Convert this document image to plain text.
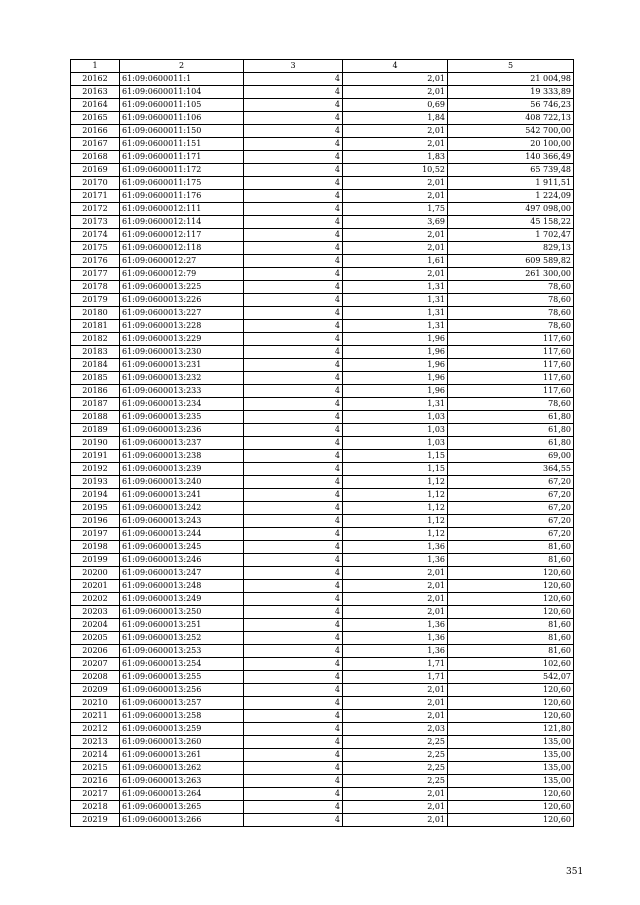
1	2	3	4	5
20162	61:09:0600011:1	4	2,01	21 004,98
20163	61:09:0600011:104	4	2,01	19 333,89
20164	61:09:0600011:105	4	0,69	56 746,23
20165	61:09:0600011:106	4	1,84	408 722,13
20166	61:09:0600011:150	4	2,01	542 700,00
20167	61:09:0600011:151	4	2,01	20 100,00
20168	61:09:0600011:171	4	1,83	140 366,49
20169	61:09:0600011:172	4	10,52	65 739,48
20170	61:09:0600011:175	4	2,01	1 911,51
20171	61:09:0600011:176	4	2,01	1 224,09
20172	61:09:0600012:111	4	1,75	497 098,00
20173	61:09:0600012:114	4	3,69	45 158,22
20174	61:09:0600012:117	4	2,01	1 702,47
20175	61:09:0600012:118	4	2,01	829,13
20176	61:09:0600012:27	4	1,61	609 589,82
20177	61:09:0600012:79	4	2,01	261 300,00
20178	61:09:0600013:225	4	1,31	78,60
20179	61:09:0600013:226	4	1,31	78,60
20180	61:09:0600013:227	4	1,31	78,60
20181	61:09:0600013:228	4	1,31	78,60
20182	61:09:0600013:229	4	1,96	117,60
20183	61:09:0600013:230	4	1,96	117,60
20184	61:09:0600013:231	4	1,96	117,60
20185	61:09:0600013:232	4	1,96	117,60
20186	61:09:0600013:233	4	1,96	117,60
20187	61:09:0600013:234	4	1,31	78,60
20188	61:09:0600013:235	4	1,03	61,80
20189	61:09:0600013:236	4	1,03	61,80
20190	61:09:0600013:237	4	1,03	61,80
20191	61:09:0600013:238	4	1,15	69,00
20192	61:09:0600013:239	4	1,15	364,55
20193	61:09:0600013:240	4	1,12	67,20
20194	61:09:0600013:241	4	1,12	67,20
20195	61:09:0600013:242	4	1,12	67,20
20196	61:09:0600013:243	4	1,12	67,20
20197	61:09:0600013:244	4	1,12	67,20
20198	61:09:0600013:245	4	1,36	81,60
20199	61:09:0600013:246	4	1,36	81,60
20200	61:09:0600013:247	4	2,01	120,60
20201	61:09:0600013:248	4	2,01	120,60
20202	61:09:0600013:249	4	2,01	120,60
20203	61:09:0600013:250	4	2,01	120,60
20204	61:09:0600013:251	4	1,36	81,60
20205	61:09:0600013:252	4	1,36	81,60
20206	61:09:0600013:253	4	1,36	81,60
20207	61:09:0600013:254	4	1,71	102,60
20208	61:09:0600013:255	4	1,71	542,07
20209	61:09:0600013:256	4	2,01	120,60
20210	61:09:0600013:257	4	2,01	120,60
20211	61:09:0600013:258	4	2,01	120,60
20212	61:09:0600013:259	4	2,03	121,80
20213	61:09:0600013:260	4	2,25	135,00
20214	61:09:0600013:261	4	2,25	135,00
20215	61:09:0600013:262	4	2,25	135,00
20216	61:09:0600013:263	4	2,25	135,00
20217	61:09:0600013:264	4	2,01	120,60
20218	61:09:0600013:265	4	2,01	120,60
20219	61:09:0600013:266	4	2,01	120,60
351
